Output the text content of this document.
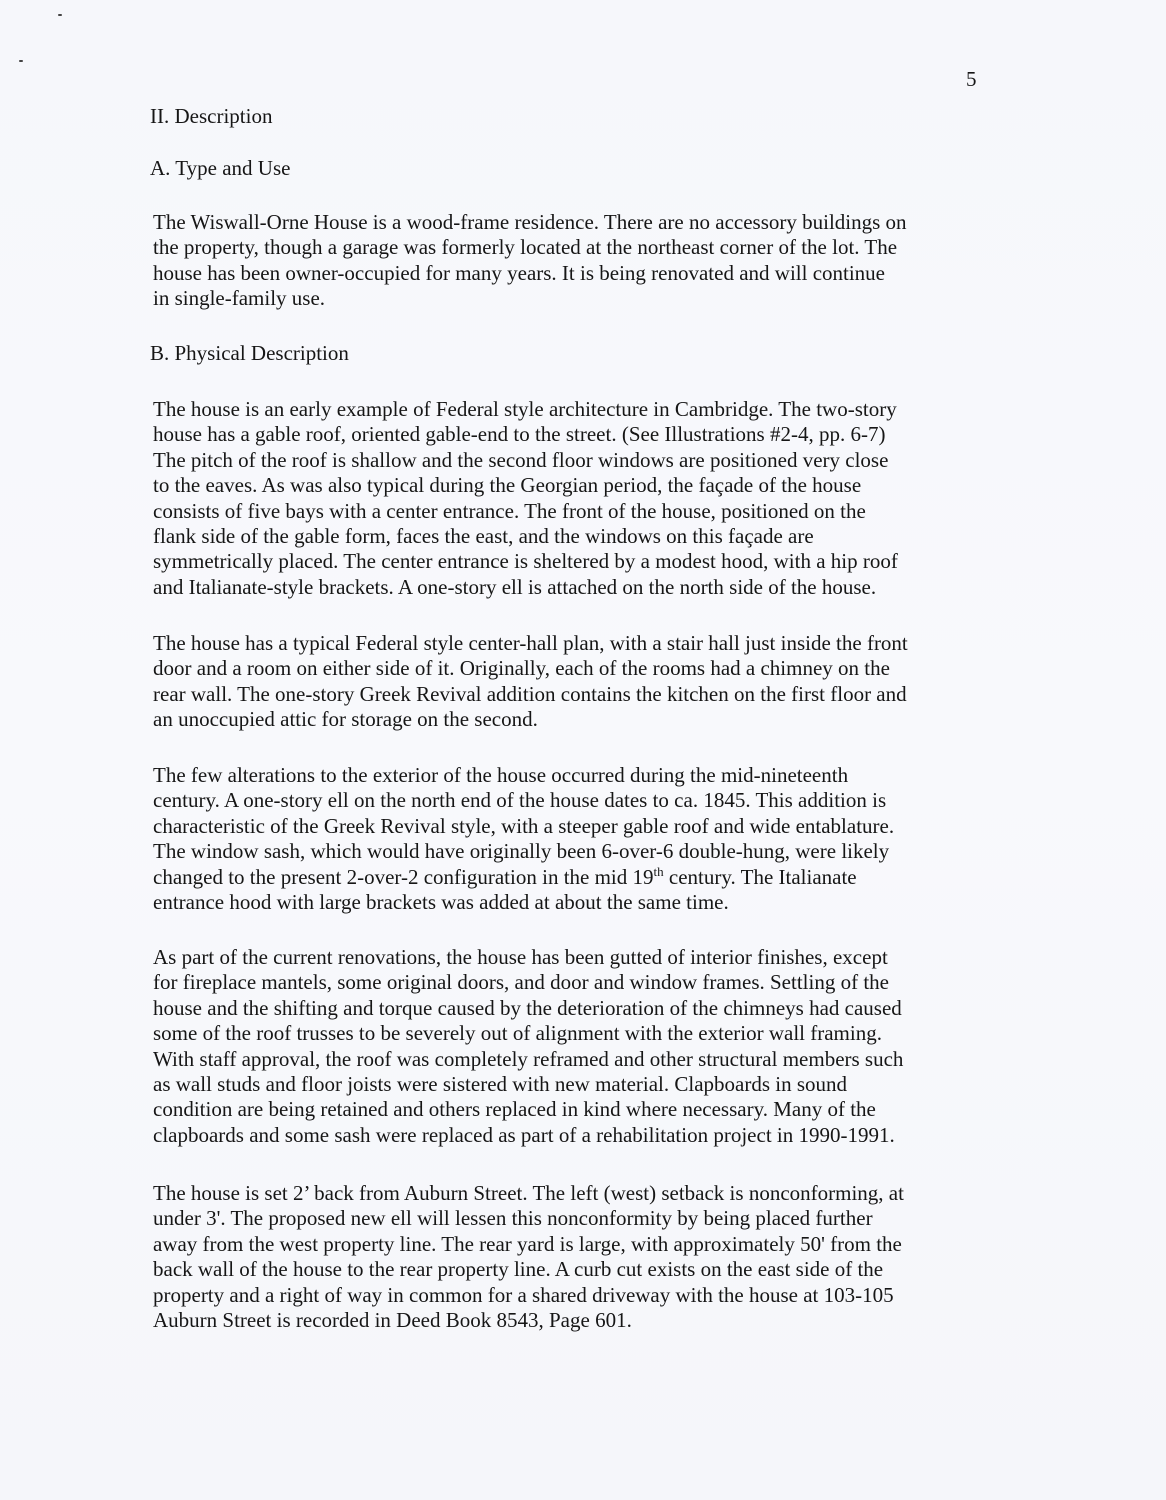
5
II. Description
A. Type and Use

The Wiswall-Orne House is a wood-frame residence. There are no accessory buildings on
the property, though a garage was formerly located at the northeast corner of the lot. The
house has been owner-occupied for many years. It is being renovated and will continue
in single-family use.

B. Physical Description

The house is an early example of Federal style architecture in Cambridge. The two-story
house has a gable roof, oriented gable-end to the street. (See Illustrations #2-4, pp. 6-7)
The pitch of the roof is shallow and the second floor windows are positioned very close
to the eaves. As was also typical during the Georgian period, the façade of the house
consists of five bays with a center entrance. The front of the house, positioned on the
flank side of the gable form, faces the east, and the windows on this façade are
symmetrically placed. The center entrance is sheltered by a modest hood, with a hip roof
and Italianate-style brackets. A one-story ell is attached on the north side of the house.

The house has a typical Federal style center-hall plan, with a stair hall just inside the front
door and a room on either side of it. Originally, each of the rooms had a chimney on the
rear wall. The one-story Greek Revival addition contains the kitchen on the first floor and
an unoccupied attic for storage on the second.

The few alterations to the exterior of the house occurred during the mid-nineteenth
century. A one-story ell on the north end of the house dates to ca. 1845. This addition is
characteristic of the Greek Revival style, with a steeper gable roof and wide entablature.
The window sash, which would have originally been 6-over-6 double-hung, were likely
changed to the present 2-over-2 configuration in the mid 19th century. The Italianate
entrance hood with large brackets was added at about the same time.

As part of the current renovations, the house has been gutted of interior finishes, except
for fireplace mantels, some original doors, and door and window frames. Settling of the
house and the shifting and torque caused by the deterioration of the chimneys had caused
some of the roof trusses to be severely out of alignment with the exterior wall framing.
With staff approval, the roof was completely reframed and other structural members such
as wall studs and floor joists were sistered with new material. Clapboards in sound
condition are being retained and others replaced in kind where necessary. Many of the
clapboards and some sash were replaced as part of a rehabilitation project in 1990-1991.

The house is set 2’ back from Auburn Street. The left (west) setback is nonconforming, at
under 3'. The proposed new ell will lessen this nonconformity by being placed further
away from the west property line. The rear yard is large, with approximately 50' from the
back wall of the house to the rear property line. A curb cut exists on the east side of the
property and a right of way in common for a shared driveway with the house at 103-105
Auburn Street is recorded in Deed Book 8543, Page 601.
